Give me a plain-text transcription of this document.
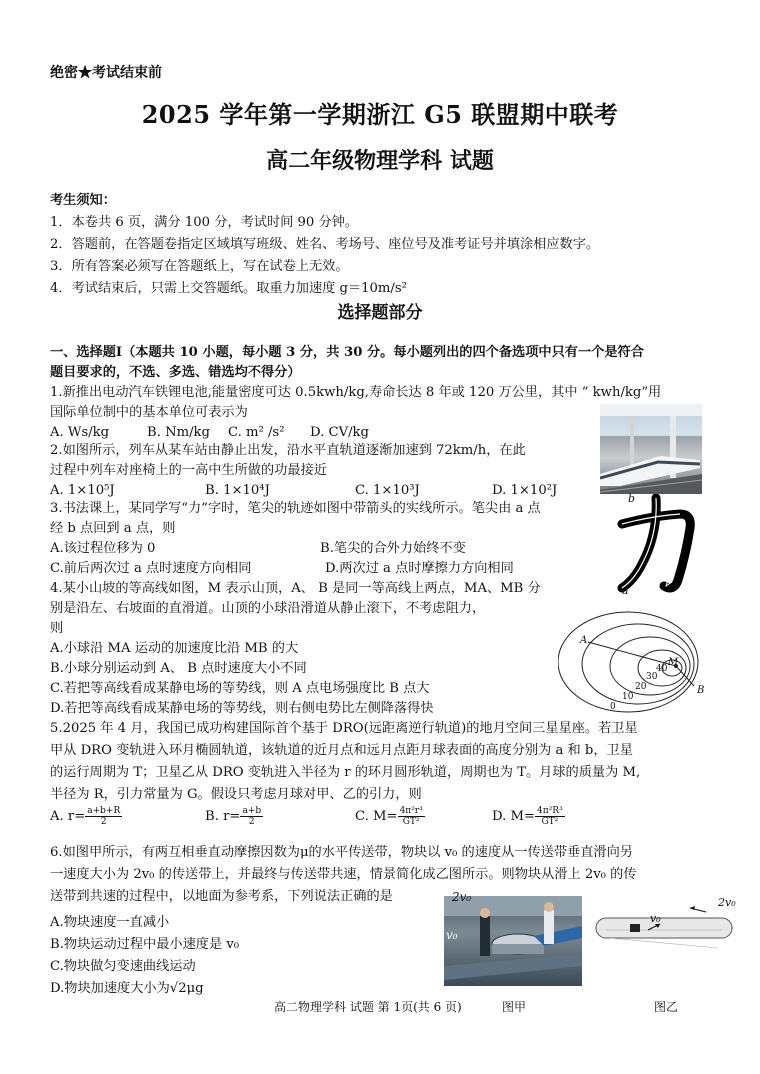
绝密★考试结束前
2025 学年第一学期浙江 G5 联盟期中联考
高二年级物理学科 试题
考生须知：
1．本卷共 6 页，满分 100 分，考试时间 90 分钟。
2．答题前，在答题卷指定区域填写班级、姓名、考场号、座位号及准考证号并填涂相应数字。
3．所有答案必须写在答题纸上，写在试卷上无效。
4．考试结束后，只需上交答题纸。取重力加速度 g＝10m/s²
选择题部分
一、选择题Ⅰ（本题共 10 小题，每小题 3 分，共 30 分。每小题列出的四个备选项中只有一个是符合
题目要求的，不选、多选、错选均不得分）
1.新推出电动汽车铁锂电池,能量密度可达 0.5kwh/kg,寿命长达 8 年或 120 万公里，其中 “ kwh/kg”用
国际单位制中的基本单位可表示为
A. Ws/kg	B. Nm/kg C. m² /s² D. CV/kg
2.如图所示，列车从某车站由静止出发，沿水平直轨道逐渐加速到 72km/h，在此
过程中列车对座椅上的一高中生所做的功最接近
A. 1×10⁵J	B. 1×10⁴J	C. 1×10³J	D. 1×10²J
b
a
3.书法课上，某同学写“力”字时，笔尖的轨迹如图中带箭头的实线所示。笔尖由 a 点
经 b 点回到 a 点，则
A.该过程位移为 0	B.笔尖的合外力始终不变
C.前后两次过 a 点时速度方向相同	D.两次过 a 点时摩擦力方向相同
A
B
M
0
10
20
30
40
4.某小山坡的等高线如图，M 表示山顶，A、 B 是同一等高线上两点，MA、MB 分
别是沿左、右坡面的直滑道。山顶的小球沿滑道从静止滚下，不考虑阻力，
则
A.小球沿 MA 运动的加速度比沿 MB 的大
B.小球分别运动到 A、 B 点时速度大小不同
C.若把等高线看成某静电场的等势线，则 A 点电场强度比 B 点大
D.若把等高线看成某静电场的等势线，则右侧电势比左侧降落得快
5.2025 年 4 月，我国已成功构建国际首个基于 DRO(远距离逆行轨道)的地月空间三星星座。若卫星
甲从 DRO 变轨进入环月椭圆轨道，该轨道的近月点和远月点距月球表面的高度分别为 a 和 b，卫星
的运行周期为 T；卫星乙从 DRO 变轨进入半径为 r 的环月圆形轨道，周期也为 T。月球的质量为 M,
半径为 R，引力常量为 G。假设只考虑月球对甲、乙的引力，则
A. $r= \frac{a+b+R}{2}$	B. $r= \frac{a+b}{2}$	C. $M= \frac{\text{4π²r³}}{\text{GT²}}$	D. $M= \frac{\text{4π²R³}}{\text{GT²}}$
6.如图甲所示，有两互相垂直动摩擦因数为μ的水平传送带，物块以 v₀ 的速度从一传送带垂直滑向另
一速度大小为 2v₀ 的传送带上，并最终与传送带共速，情景简化成乙图所示。则物块从滑上 2v₀ 的传
送带到共速的过程中，以地面为参考系，下列说法正确的是
A.物块速度一直减小
B.物块运动过程中最小速度是 v₀
C.物块做匀变速曲线运动
D.物块加速度大小为√2μg
2v₀
v₀
图甲
2v₀
v₀
图乙
高二物理学科 试题 第 1页(共 6 页)
